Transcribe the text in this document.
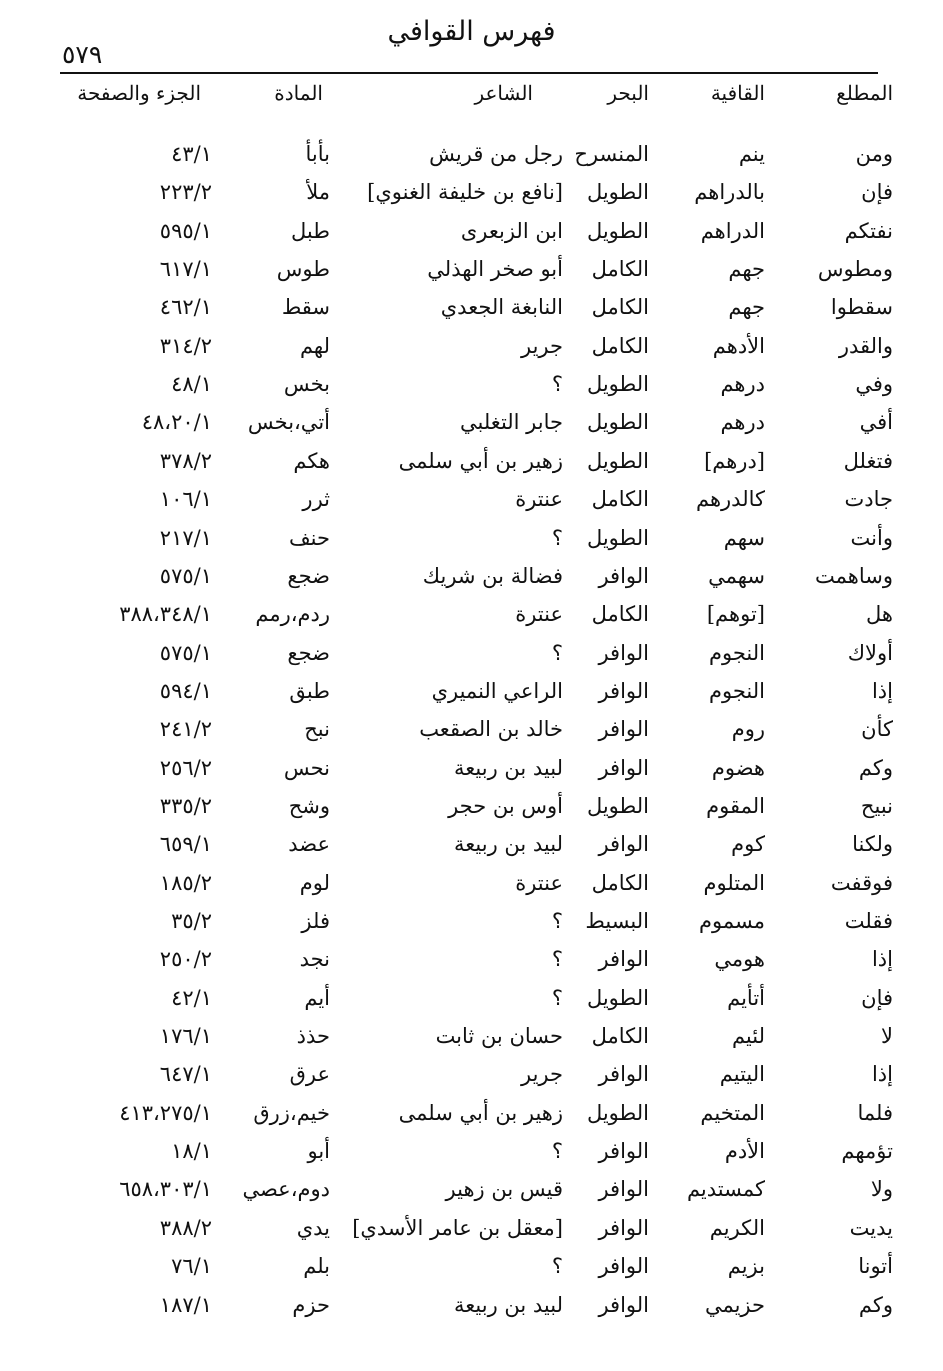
فهرس القوافي
٥٧٩
المطلع
القافية
البحر
الشاعر
المادة
الجزء والصفحة
ومن
ينم
المنسرح
رجل من قريش
بأبأ
٤٣/١
فإن
بالدراهم
الطويل
[نافع بن خليفة الغنوي]
ملأ
٢٢٣/٢
نفتكم
الدراهم
الطويل
ابن الزبعرى
طبل
٥٩٥/١
ومطوس
جهم
الكامل
أبو صخر الهذلي
طوس
٦١٧/١
سقطوا
جهم
الكامل
النابغة الجعدي
سقط
٤٦٢/١
والقدر
الأدهم
الكامل
جرير
لهم
٣١٤/٢
وفي
درهم
الطويل
؟
بخس
٤٨/١
أفي
درهم
الطويل
جابر التغلبي
أتي،بخس
٤٨،٢٠/١
فتغلل
[درهم]
الطويل
زهير بن أبي سلمى
هكم
٣٧٨/٢
جادت
كالدرهم
الكامل
عنترة
ثرر
١٠٦/١
وأنت
سهم
الطويل
؟
حنف
٢١٧/١
وساهمت
سهمي
الوافر
فضالة بن شريك
ضجع
٥٧٥/١
هل
[توهم]
الكامل
عنترة
ردم،رمم
٣٨٨،٣٤٨/١
أولاك
النجوم
الوافر
؟
ضجع
٥٧٥/١
إذا
النجوم
الوافر
الراعي النميري
طبق
٥٩٤/١
كأن
روم
الوافر
خالد بن الصقعب
نبح
٢٤١/٢
وكم
هضوم
الوافر
لبيد بن ربيعة
نحس
٢٥٦/٢
نبيح
المقوم
الطويل
أوس بن حجر
وشح
٣٣٥/٢
ولكنا
كوم
الوافر
لبيد بن ربيعة
عضد
٦٥٩/١
فوقفت
المتلوم
الكامل
عنترة
لوم
١٨٥/٢
فقلت
مسموم
البسيط
؟
فلز
٣٥/٢
إذا
هومي
الوافر
؟
نجد
٢٥٠/٢
فإن
أتأيم
الطويل
؟
أيم
٤٢/١
لا
لئيم
الكامل
حسان بن ثابت
حذذ
١٧٦/١
إذا
اليتيم
الوافر
جرير
عرق
٦٤٧/١
فلما
المتخيم
الطويل
زهير بن أبي سلمى
خيم،زرق
٤١٣،٢٧٥/١
تؤمهم
الأدم
الوافر
؟
أبو
١٨/١
ولا
كمستديم
الوافر
قيس بن زهير
دوم،عصي
٦٥٨،٣٠٣/١
يديت
الكريم
الوافر
[معقل بن عامر الأسدي]
يدي
٣٨٨/٢
أتونا
بزيم
الوافر
؟
بلم
٧٦/١
وكم
حزيمي
الوافر
لبيد بن ربيعة
حزم
١٨٧/١
